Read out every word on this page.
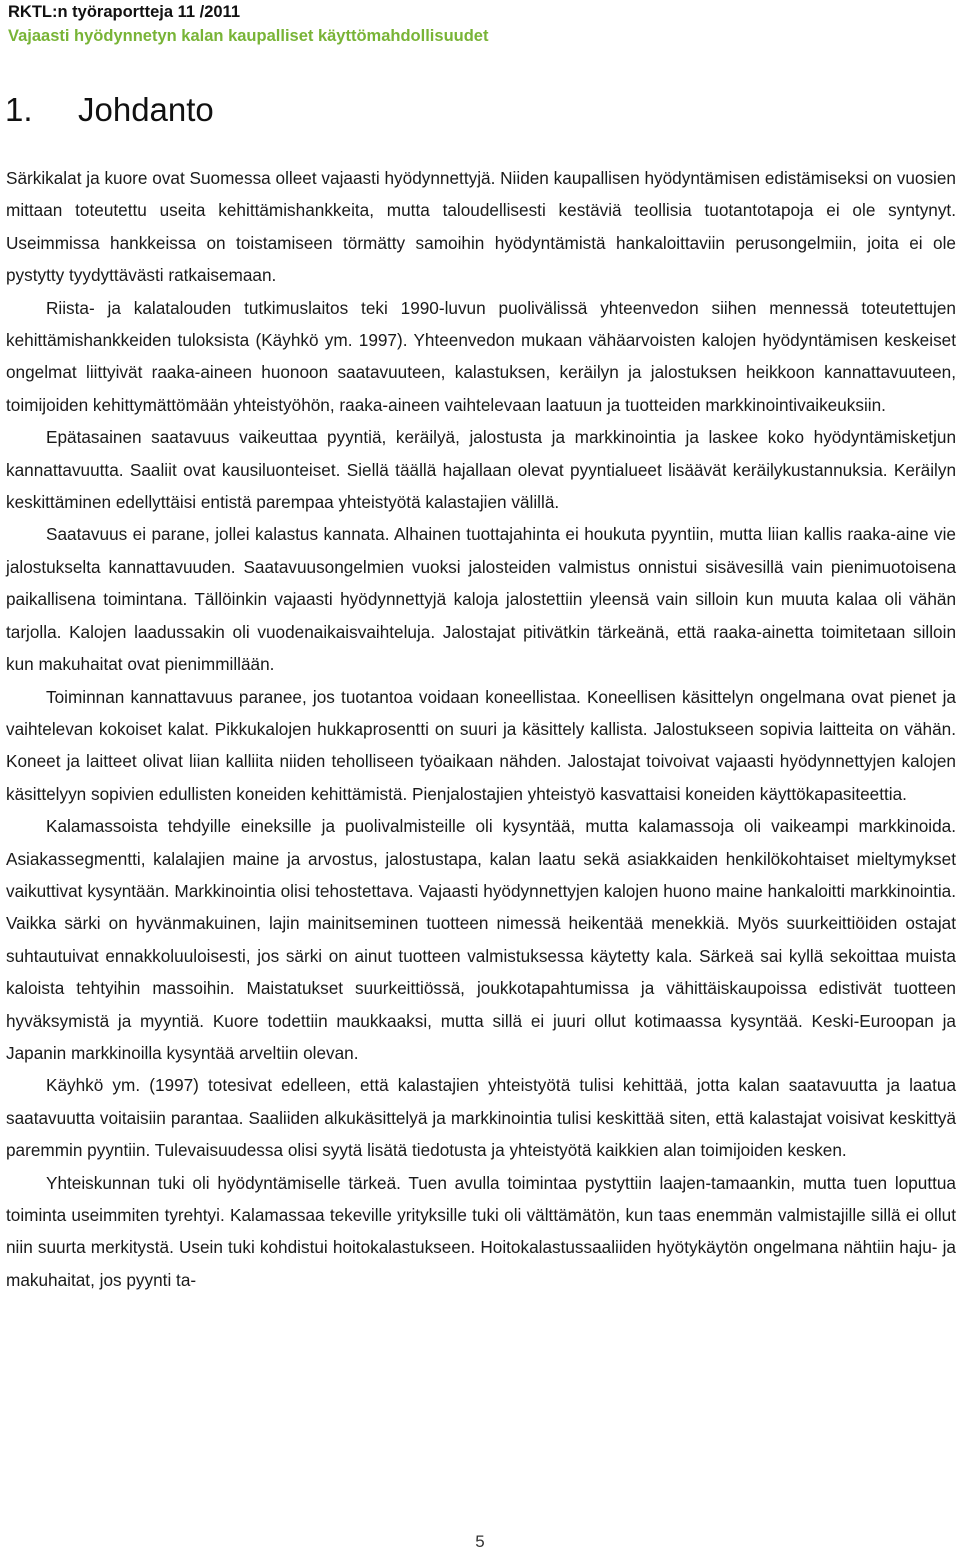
RKTL:n työraportteja 11 /2011
Vajaasti hyödynnetyn kalan kaupalliset käyttömahdollisuudet
1. Johdanto

Särkikalat ja kuore ovat Suomessa olleet vajaasti hyödynnettyjä. Niiden kaupallisen hyödyntämisen edistämiseksi on vuosien mittaan toteutettu useita kehittämishankkeita, mutta taloudellisesti kestäviä teollisia tuotantotapoja ei ole syntynyt. Useimmissa hankkeissa on toistamiseen törmätty samoihin hyödyntämistä hankaloittaviin perusongelmiin, joita ei ole pystytty tyydyttävästi ratkaisemaan.

Riista- ja kalatalouden tutkimuslaitos teki 1990-luvun puolivälissä yhteenvedon siihen mennessä toteutettujen kehittämishankkeiden tuloksista (Käyhkö ym. 1997). Yhteenvedon mukaan vähäarvoisten kalojen hyödyntämisen keskeiset ongelmat liittyivät raaka-aineen huonoon saatavuuteen, kalastuksen, keräilyn ja jalostuksen heikkoon kannattavuuteen, toimijoiden kehittymättömään yhteistyöhön, raaka-aineen vaihtelevaan laatuun ja tuotteiden markkinointivaikeuksiin.

Epätasainen saatavuus vaikeuttaa pyyntiä, keräilyä, jalostusta ja markkinointia ja laskee koko hyödyntämisketjun kannattavuutta. Saaliit ovat kausiluonteiset. Siellä täällä hajallaan olevat pyyntialueet lisäävät keräilykustannuksia. Keräilyn keskittäminen edellyttäisi entistä parempaa yhteistyötä kalastajien välillä.

Saatavuus ei parane, jollei kalastus kannata. Alhainen tuottajahinta ei houkuta pyyntiin, mutta liian kallis raaka-aine vie jalostukselta kannattavuuden. Saatavuusongelmien vuoksi jalosteiden valmistus onnistui sisävesillä vain pienimuotoisena paikallisena toimintana. Tällöinkin vajaasti hyödynnettyjä kaloja jalostettiin yleensä vain silloin kun muuta kalaa oli vähän tarjolla. Kalojen laadussakin oli vuodenaikaisvaihteluja. Jalostajat pitivätkin tärkeänä, että raaka-ainetta toimitetaan silloin kun makuhaitat ovat pienimmillään.

Toiminnan kannattavuus paranee, jos tuotantoa voidaan koneellistaa. Koneellisen käsittelyn ongelmana ovat pienet ja vaihtelevan kokoiset kalat. Pikkukalojen hukkaprosentti on suuri ja käsittely kallista. Jalostukseen sopivia laitteita on vähän. Koneet ja laitteet olivat liian kalliita niiden teholliseen työaikaan nähden. Jalostajat toivoivat vajaasti hyödynnettyjen kalojen käsittelyyn sopivien edullisten koneiden kehittämistä. Pienjalostajien yhteistyö kasvattaisi koneiden käyttökapasiteettia.

Kalamassoista tehdyille eineksille ja puolivalmisteille oli kysyntää, mutta kalamassoja oli vaikeampi markkinoida. Asiakassegmentti, kalalajien maine ja arvostus, jalostustapa, kalan laatu sekä asiakkaiden henkilökohtaiset mieltymykset vaikuttivat kysyntään. Markkinointia olisi tehostettava. Vajaasti hyödynnettyjen kalojen huono maine hankaloitti markkinointia. Vaikka särki on hyvänmakuinen, lajin mainitseminen tuotteen nimessä heikentää menekkiä. Myös suurkeittiöiden ostajat suhtautuivat ennakkoluuloisesti, jos särki on ainut tuotteen valmistuksessa käytetty kala. Särkeä sai kyllä sekoittaa muista kaloista tehtyihin massoihin. Maistatukset suurkeittiössä, joukkotapahtumissa ja vähittäiskaupoissa edistivät tuotteen hyväksymistä ja myyntiä. Kuore todettiin maukkaaksi, mutta sillä ei juuri ollut kotimaassa kysyntää. Keski-Euroopan ja Japanin markkinoilla kysyntää arveltiin olevan.

Käyhkö ym. (1997) totesivat edelleen, että kalastajien yhteistyötä tulisi kehittää, jotta kalan saatavuutta ja laatua saatavuutta voitaisiin parantaa. Saaliiden alkukäsittelyä ja markkinointia tulisi keskittää siten, että kalastajat voisivat keskittyä paremmin pyyntiin. Tulevaisuudessa olisi syytä lisätä tiedotusta ja yhteistyötä kaikkien alan toimijoiden kesken.

Yhteiskunnan tuki oli hyödyntämiselle tärkeä. Tuen avulla toimintaa pystyttiin laajen-tamaankin, mutta tuen loputtua toiminta useimmiten tyrehtyi. Kalamassaa tekeville yrityksille tuki oli välttämätön, kun taas enemmän valmistajille sillä ei ollut niin suurta merkitystä. Usein tuki kohdistui hoitokalastukseen. Hoitokalastussaaliiden hyötykäytön ongelmana nähtiin haju- ja makuhaitat, jos pyynti ta-

5
